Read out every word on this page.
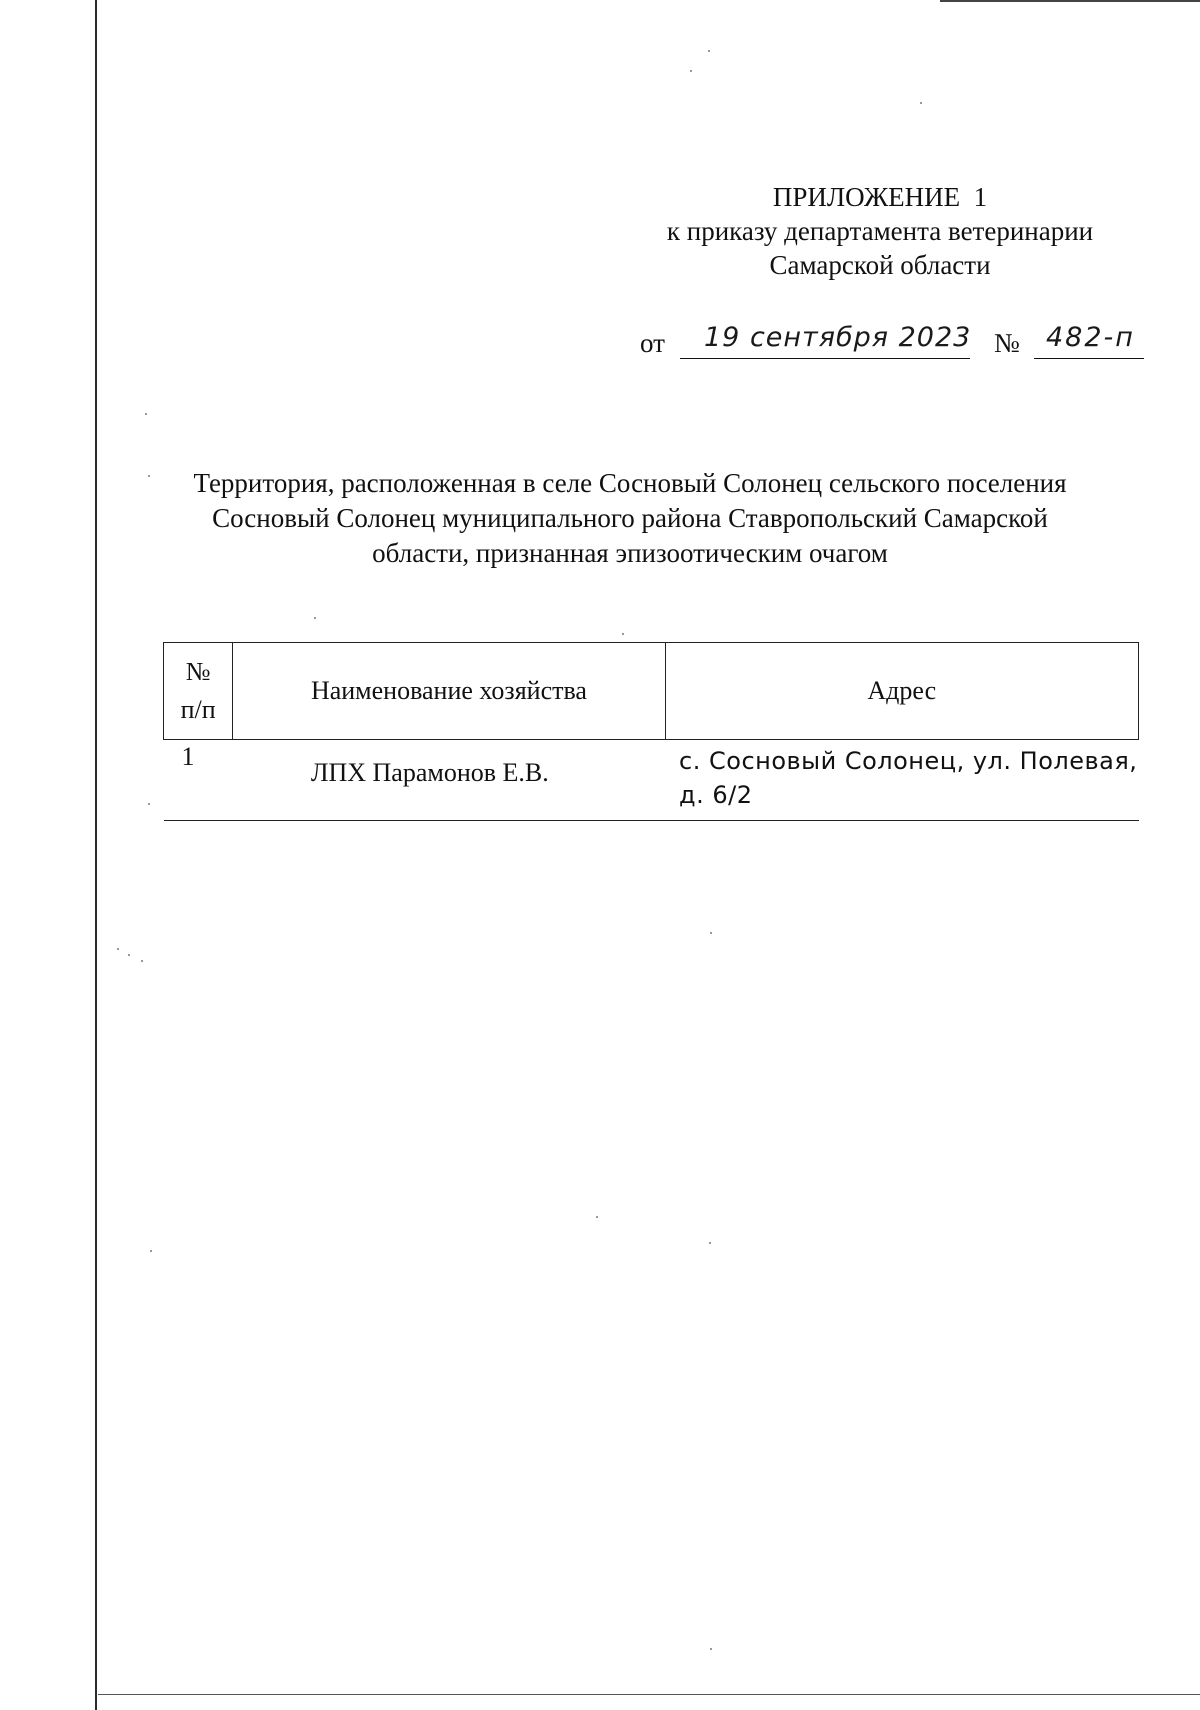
ПРИЛОЖЕНИЕ  1
к приказу департамента ветеринарии
Самарской области
от 19 сентября 2023 № 482-п
Территория, расположенная в селе Сосновый Солонец сельского поселения
Сосновый Солонец муниципального района Ставропольский Самарской
области, признанная эпизоотическим очагом
№
п/п	Наименование хозяйства	Адрес
1	ЛПХ Парамонов Е.В.	с. Сосновый Солонец, ул. Полевая,
д. 6/2
